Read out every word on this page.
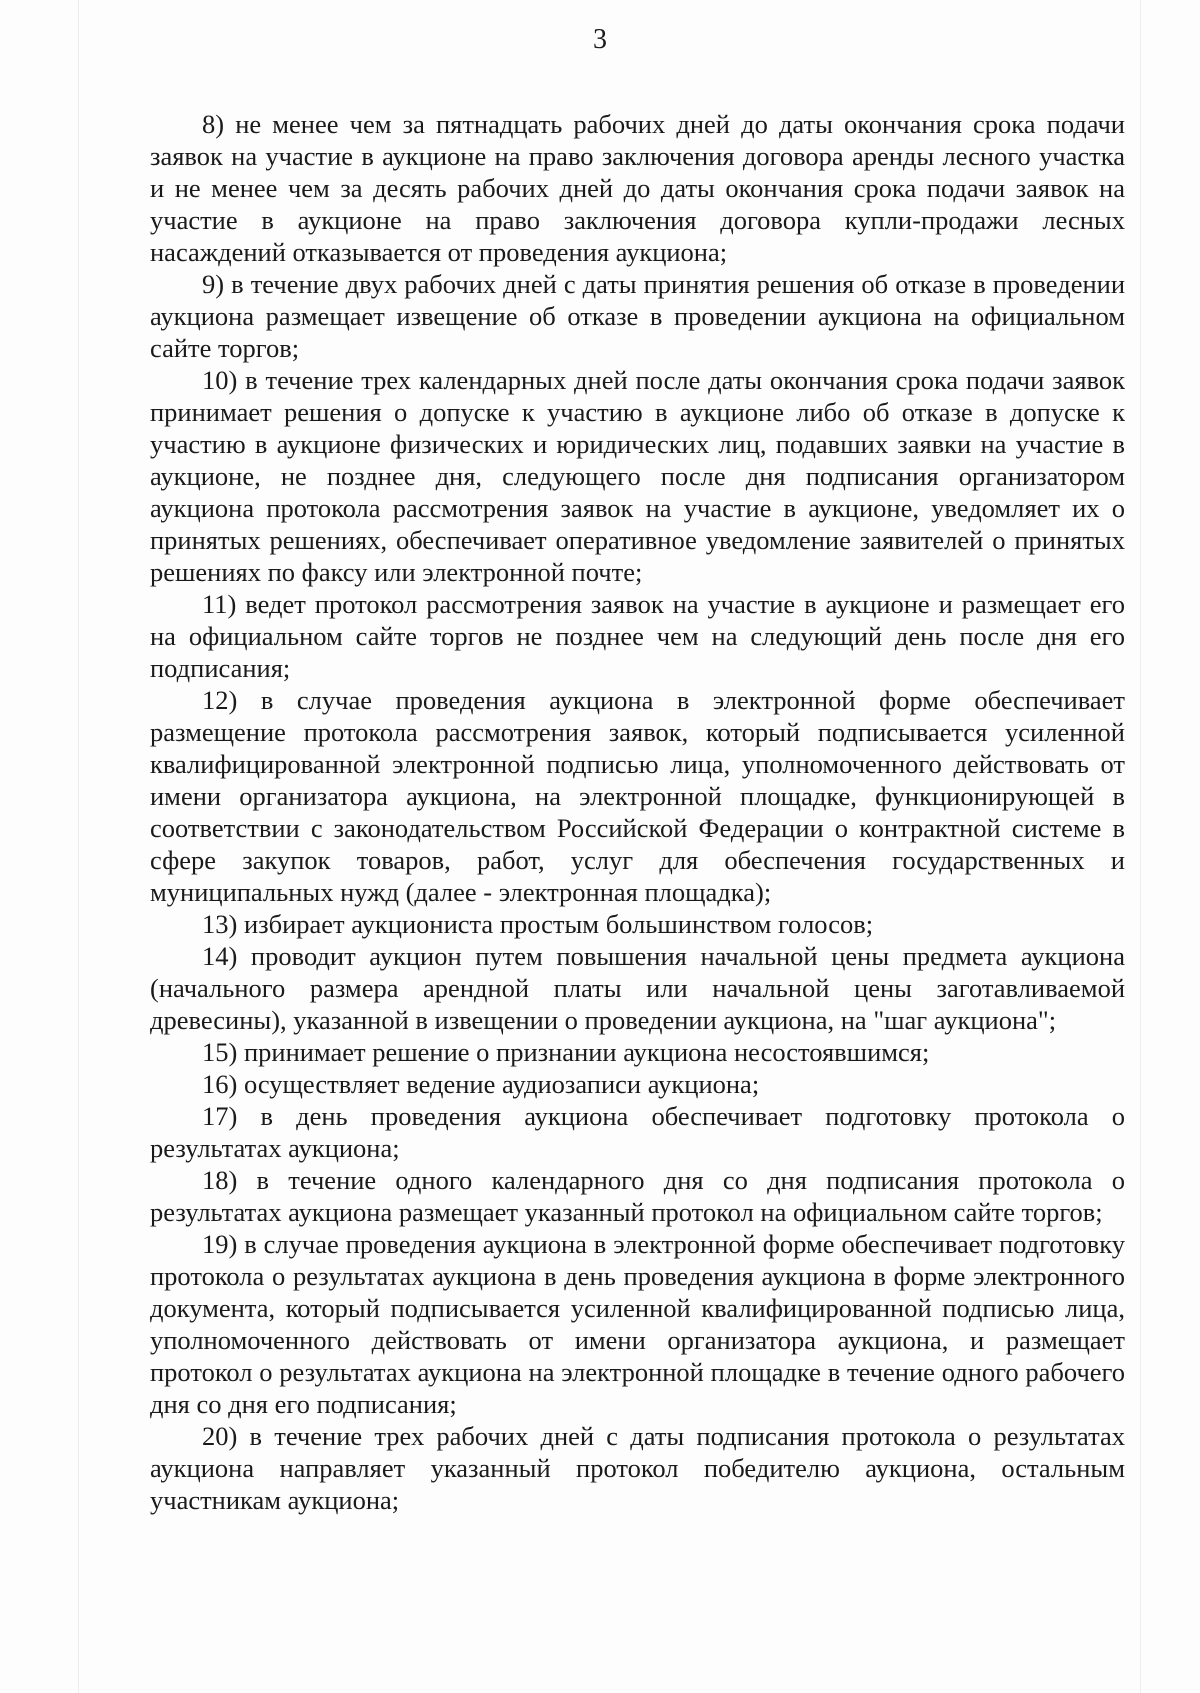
3

8) не менее чем за пятнадцать рабочих дней до даты окончания срока подачи заявок на участие в аукционе на право заключения договора аренды лесного участка и не менее чем за десять рабочих дней до даты окончания срока подачи заявок на участие в аукционе на право заключения договора купли-продажи лесных насаждений отказывается от проведения аукциона;

9) в течение двух рабочих дней с даты принятия решения об отказе в проведении аукциона размещает извещение об отказе в проведении аукциона на официальном сайте торгов;

10) в течение трех календарных дней после даты окончания срока подачи заявок принимает решения о допуске к участию в аукционе либо об отказе в допуске к участию в аукционе физических и юридических лиц, подавших заявки на участие в аукционе, не позднее дня, следующего после дня подписания организатором аукциона протокола рассмотрения заявок на участие в аукционе, уведомляет их о принятых решениях, обеспечивает оперативное уведомление заявителей о принятых решениях по факсу или электронной почте;

11) ведет протокол рассмотрения заявок на участие в аукционе и размещает его на официальном сайте торгов не позднее чем на следующий день после дня его подписания;

12) в случае проведения аукциона в электронной форме обеспечивает размещение протокола рассмотрения заявок, который подписывается усиленной квалифицированной электронной подписью лица, уполномоченного действовать от имени организатора аукциона, на электронной площадке, функционирующей в соответствии с законодательством Российской Федерации о контрактной системе в сфере закупок товаров, работ, услуг для обеспечения государственных и муниципальных нужд (далее - электронная площадка);

13) избирает аукциониста простым большинством голосов;

14) проводит аукцион путем повышения начальной цены предмета аукциона (начального размера арендной платы или начальной цены заготавливаемой древесины), указанной в извещении о проведении аукциона, на "шаг аукциона";

15) принимает решение о признании аукциона несостоявшимся;

16) осуществляет ведение аудиозаписи аукциона;

17) в день проведения аукциона обеспечивает подготовку протокола о результатах аукциона;

18) в течение одного календарного дня со дня подписания протокола о результатах аукциона размещает указанный протокол на официальном сайте торгов;

19) в случае проведения аукциона в электронной форме обеспечивает подготовку протокола о результатах аукциона в день проведения аукциона в форме электронного документа, который подписывается усиленной квалифицированной подписью лица, уполномоченного действовать от имени организатора аукциона, и размещает протокол о результатах аукциона на электронной площадке в течение одного рабочего дня со дня его подписания;

20) в течение трех рабочих дней с даты подписания протокола о результатах аукциона направляет указанный протокол победителю аукциона, остальным участникам аукциона;
